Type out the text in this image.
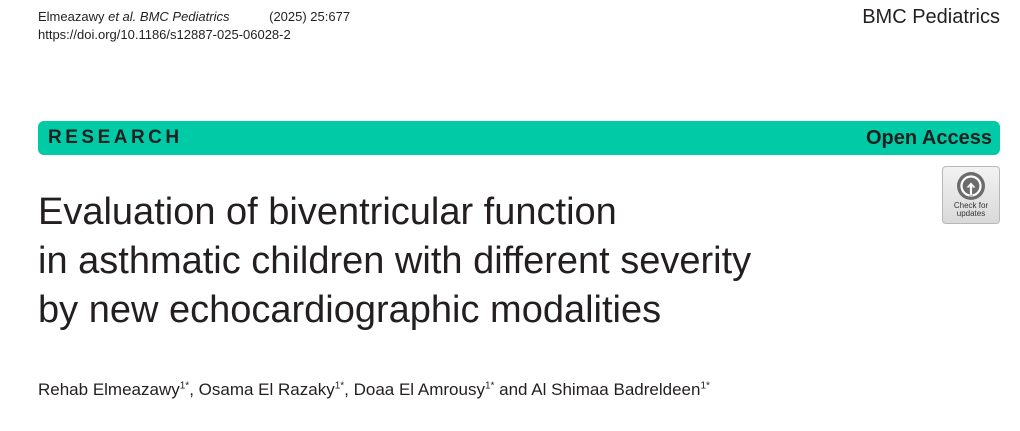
Elmeazawy et al. BMC Pediatrics	(2025) 25:677
https://doi.org/10.1186/s12887-025-06028-2
BMC Pediatrics
RESEARCH	Open Access
Evaluation of biventricular function
in asthmatic children with different severity
by new echocardiographic modalities
Check for
updates
Rehab Elmeazawy$^{1*}$, Osama El Razaky$^{1*}$, Doaa El Amrousy$^{1*}$ and Al Shimaa Badreldeen$^{1*}$
